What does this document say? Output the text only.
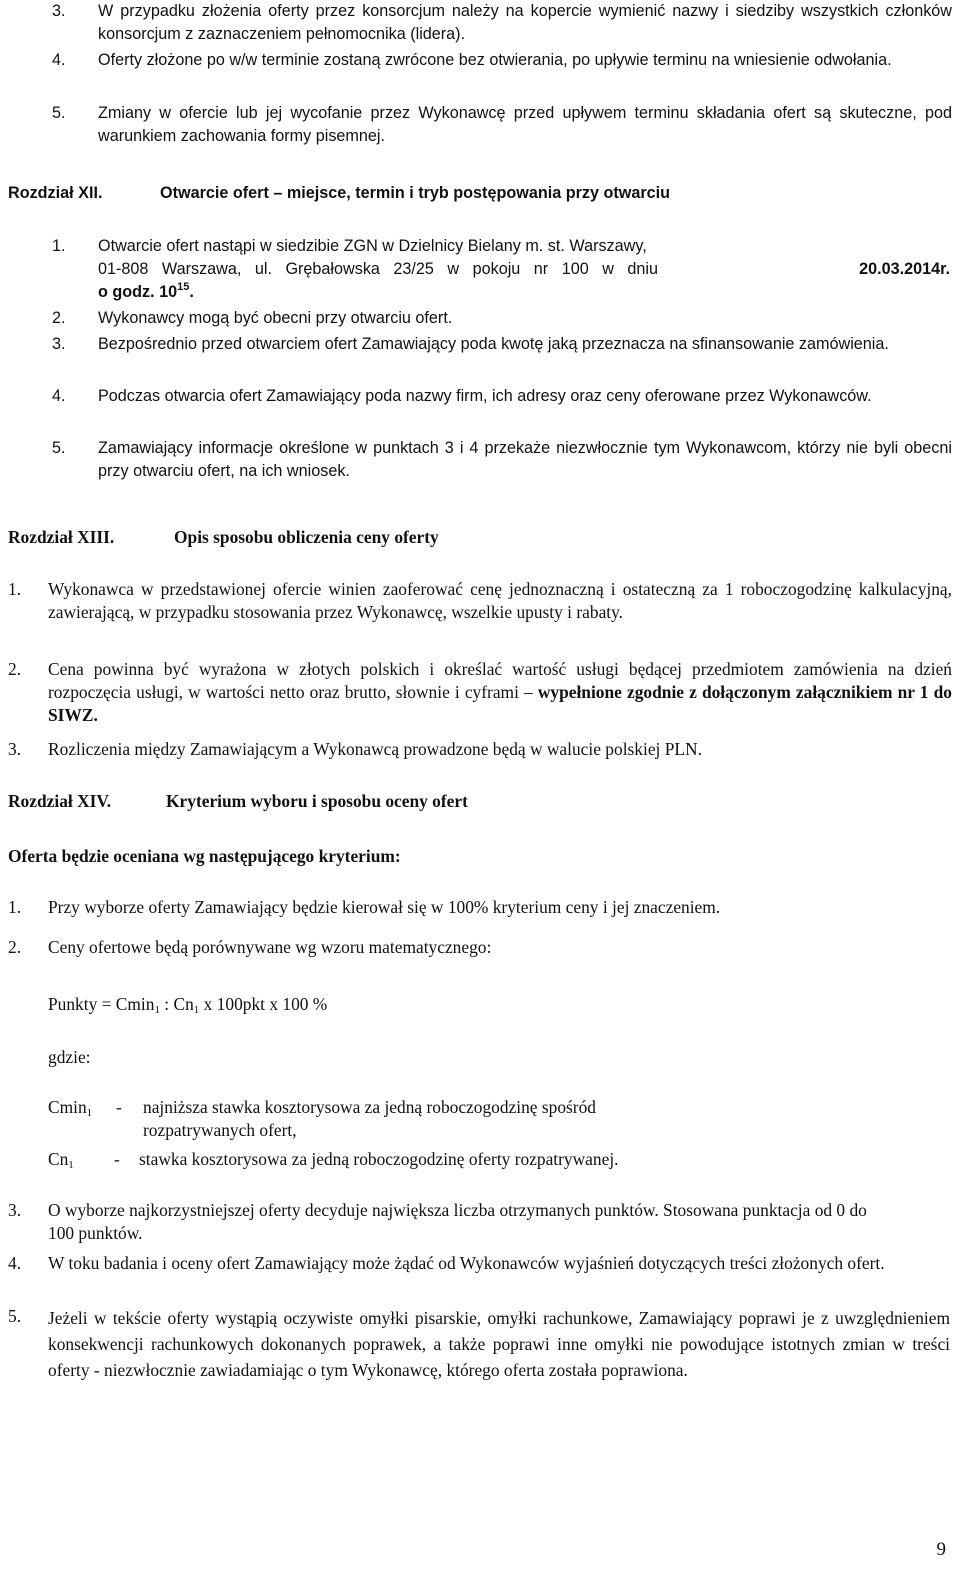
3. W przypadku złożenia oferty przez konsorcjum należy na kopercie wymienić nazwy i siedziby wszystkich członków konsorcjum z zaznaczeniem pełnomocnika (lidera).
4. Oferty złożone po w/w terminie zostaną zwrócone bez otwierania, po upływie terminu na wniesienie odwołania.
5. Zmiany w ofercie lub jej wycofanie przez Wykonawcę przed upływem terminu składania ofert są skuteczne, pod warunkiem zachowania formy pisemnej.
Rozdział XII.	Otwarcie ofert – miejsce, termin i tryb postępowania przy otwarciu
1. Otwarcie ofert nastąpi w siedzibie ZGN w Dzielnicy Bielany m. st. Warszawy,
01-808 Warszawa, ul. Grębałowska 23/25 w pokoju nr 100 w dniu	20.03.2014r.
o godz. $10^{15}$.
2. Wykonawcy mogą być obecni przy otwarciu ofert.
3. Bezpośrednio przed otwarciem ofert Zamawiający poda kwotę jaką przeznacza na sfinansowanie zamówienia.
4. Podczas otwarcia ofert Zamawiający poda nazwy firm, ich adresy oraz ceny oferowane przez Wykonawców.
5. Zamawiający informacje określone w punktach 3 i 4 przekaże niezwłocznie tym Wykonawcom, którzy nie byli obecni przy otwarciu ofert, na ich wniosek.
Rozdział XIII.	Opis sposobu obliczenia ceny oferty
1. Wykonawca w przedstawionej ofercie winien zaoferować cenę jednoznaczną i ostateczną za 1 roboczogodzinę kalkulacyjną, zawierającą, w przypadku stosowania przez Wykonawcę, wszelkie upusty i rabaty.
2. Cena powinna być wyrażona w złotych polskich i określać wartość usługi będącej przedmiotem zamówienia na dzień rozpoczęcia usługi, w wartości netto oraz brutto, słownie i cyframi – wypełnione zgodnie z dołączonym załącznikiem nr 1 do SIWZ.
3. Rozliczenia między Zamawiającym a Wykonawcą prowadzone będą w walucie polskiej PLN.
Rozdział XIV.	Kryterium wyboru i sposobu oceny ofert
Oferta będzie oceniana wg następującego kryterium:
1. Przy wyborze oferty Zamawiający będzie kierował się w 100% kryterium ceny i jej znaczeniem.
2. Ceny ofertowe będą porównywane wg wzoru matematycznego:
Punkty = Cmin$_1$ : $Cn_1$ x 100pkt x 100 %
gdzie:
Cmin$_1$ - najniższa stawka kosztorysowa za jedną roboczogodzinę spośród
rozpatrywanych ofert,
$Cn_1$ - stawka kosztorysowa za jedną roboczogodzinę oferty rozpatrywanej.
3. O wyborze najkorzystniejszej oferty decyduje największa liczba otrzymanych punktów. Stosowana punktacja od 0 do 100 punktów.
4. W toku badania i oceny ofert Zamawiający może żądać od Wykonawców wyjaśnień dotyczących treści złożonych ofert.
5. Jeżeli w tekście oferty wystąpią oczywiste omyłki pisarskie, omyłki rachunkowe, Zamawiający poprawi je z uwzględnieniem konsekwencji rachunkowych dokonanych poprawek, a także poprawi inne omyłki nie powodujące istotnych zmian w treści oferty - niezwłocznie zawiadamiając o tym Wykonawcę, którego oferta została poprawiona.
9
